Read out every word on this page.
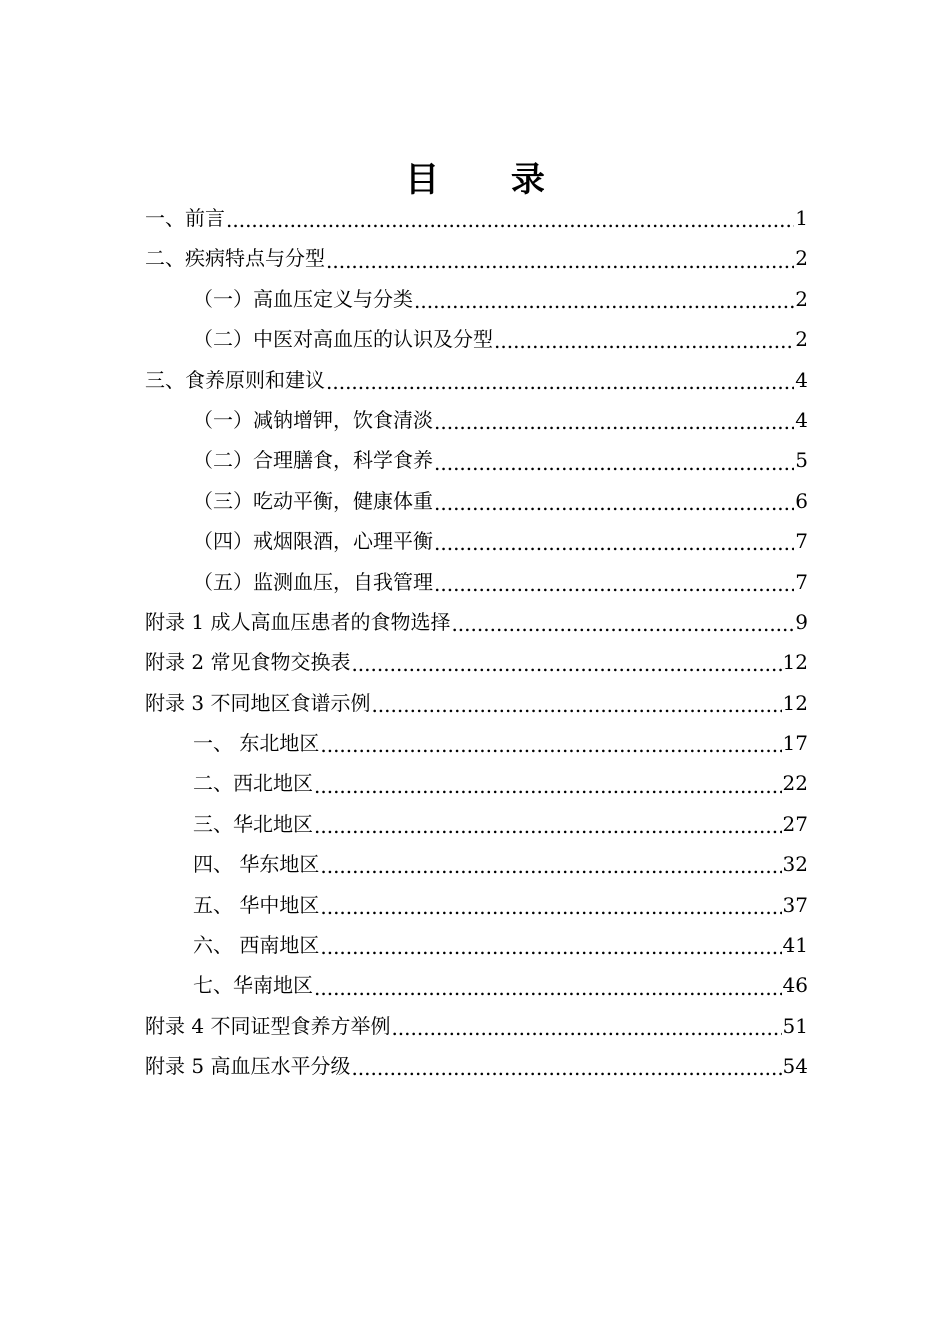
目 录
一、前言 .....	1
二、疾病特点与分型 .....	2
（一）高血压定义与分类 .....	2
（二）中医对高血压的认识及分型 .....	2
三、食养原则和建议 .....	4
（一）减钠增钾，饮食清淡 .....	4
（二）合理膳食，科学食养 .....	5
（三）吃动平衡，健康体重 .....	6
（四）戒烟限酒，心理平衡 .....	7
（五）监测血压，自我管理 .....	7
附录 1 成人高血压患者的食物选择 .....	9
附录 2 常见食物交换表 .....	12
附录 3 不同地区食谱示例 .....	12
一、 东北地区 .....	17
二、西北地区 .....	22
三、华北地区 .....	27
四、 华东地区 .....	32
五、 华中地区 .....	37
六、 西南地区 .....	41
七、华南地区 .....	46
附录 4 不同证型食养方举例 .....	51
附录 5 高血压水平分级 .....	54
